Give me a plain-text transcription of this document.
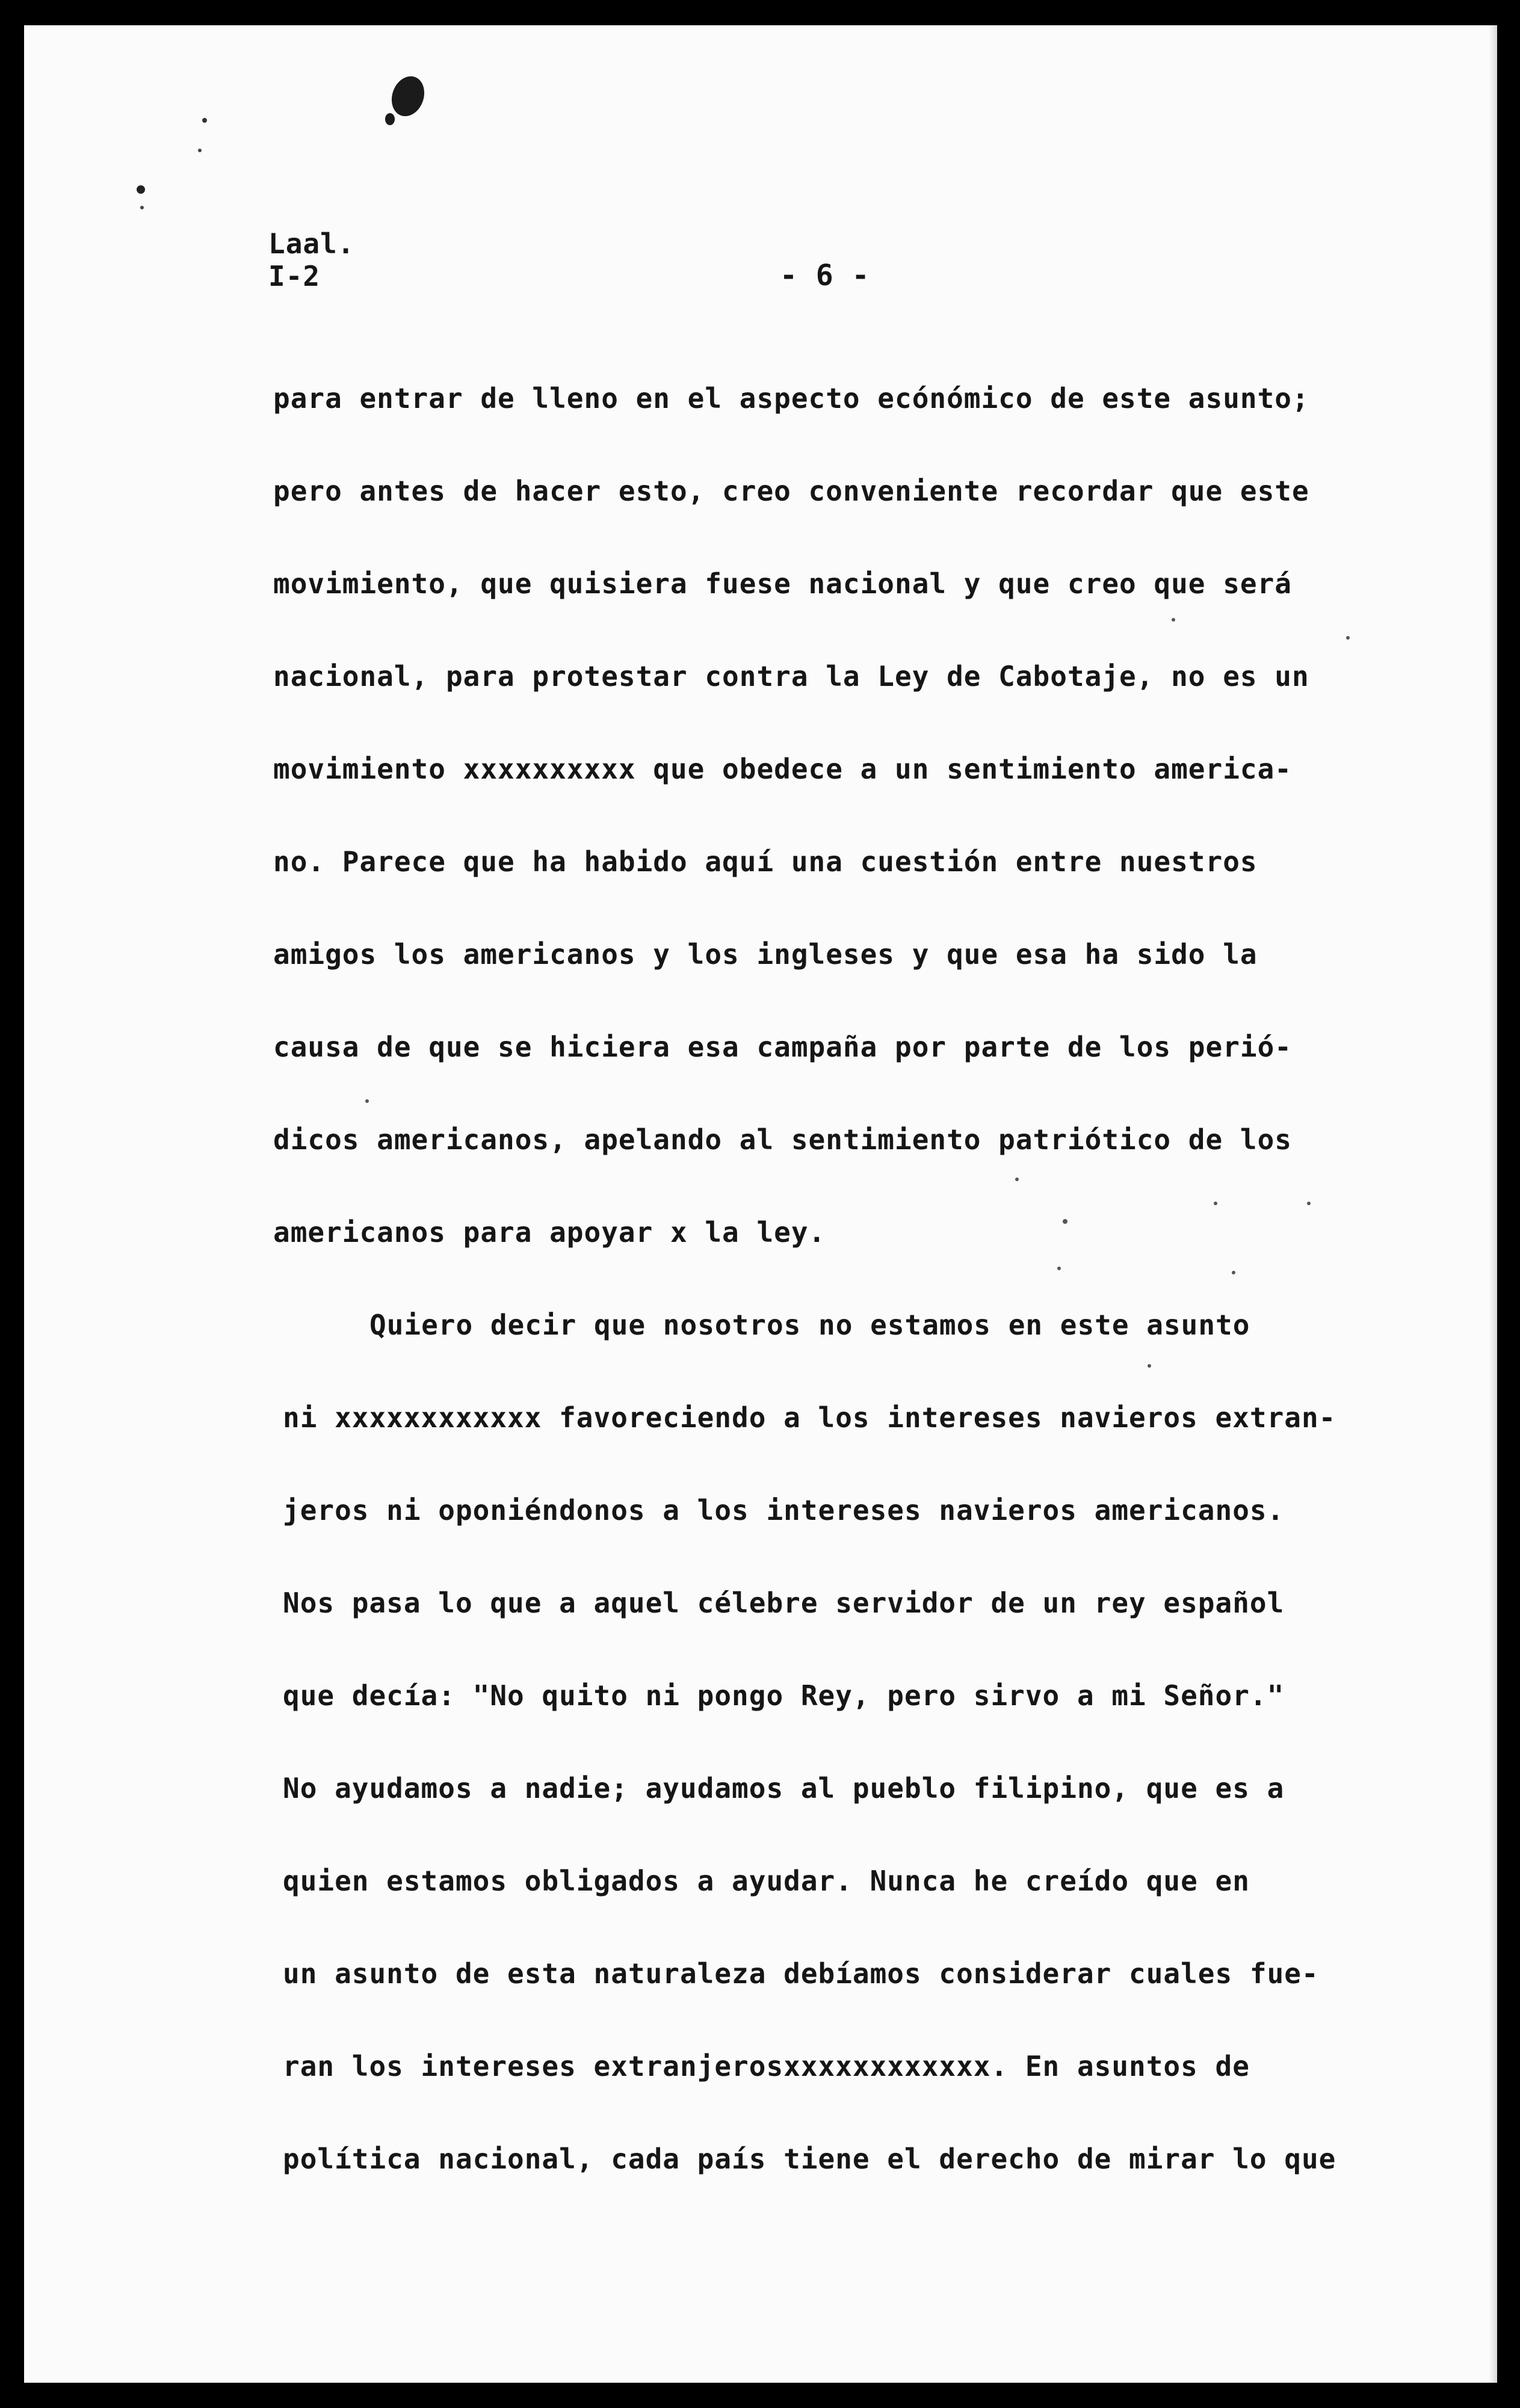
Laal.

I-2	- 6 -

para entrar de lleno en el aspecto ecónómico de este asunto;

pero antes de hacer esto, creo conveniente recordar que este

movimiento, que quisiera fuese nacional y que creo que será

nacional, para protestar contra la Ley de Cabotaje, no es un

movimiento xxxxxxxxxx que obedece a un sentimiento america-

no. Parece que ha habido aquí una cuestión entre nuestros

amigos los americanos y los ingleses y que esa ha sido la

causa de que se hiciera esa campaña por parte de los perió-

dicos americanos, apelando al sentimiento patriótico de los

americanos para apoyar x la ley.

Quiero decir que nosotros no estamos en este asunto

ni xxxxxxxxxxxx favoreciendo a los intereses navieros extran-

jeros ni oponiéndonos a los intereses navieros americanos.

Nos pasa lo que a aquel célebre servidor de un rey español

que decía: "No quito ni pongo Rey, pero sirvo a mi Señor."

No ayudamos a nadie; ayudamos al pueblo filipino, que es a

quien estamos obligados a ayudar. Nunca he creído que en

un asunto de esta naturaleza debíamos considerar cuales fue-

ran los intereses extranjerosxxxxxxxxxxxx. En asuntos de

política nacional, cada país tiene el derecho de mirar lo que
